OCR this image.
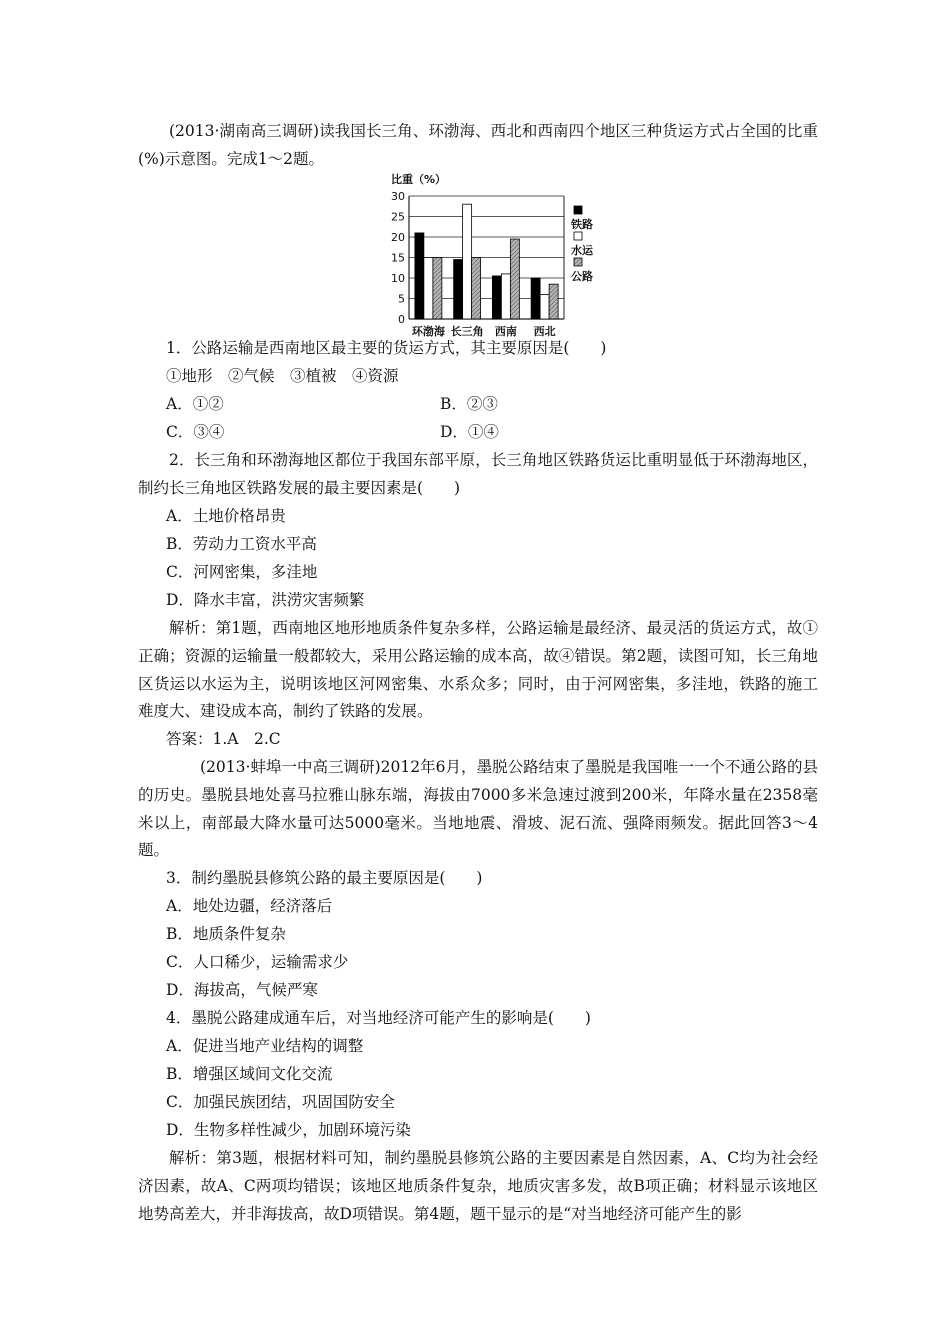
(2013·湖南高三调研)读我国长三角、环渤海、西北和西南四个地区三种货运方式占全国的比重(%)示意图。完成1～2题。

比重（%）
0
5
10
15
20
25
30
环渤海 长三角 西南 西北
铁路
水运
公路
1．公路运输是西南地区最主要的货运方式，其主要原因是(　　)
①地形　②气候　③植被　④资源
A．①②	B．②③
C．③④	D．①④

2．长三角和环渤海地区都位于我国东部平原，长三角地区铁路货运比重明显低于环渤海地区，制约长三角地区铁路发展的最主要因素是(　　)

A．土地价格昂贵
B．劳动力工资水平高
C．河网密集，多洼地
D．降水丰富，洪涝灾害频繁

解析：第1题，西南地区地形地质条件复杂多样，公路运输是最经济、最灵活的货运方式，故①正确；资源的运输量一般都较大，采用公路运输的成本高，故④错误。第2题，读图可知，长三角地区货运以水运为主，说明该地区河网密集、水系众多；同时，由于河网密集，多洼地，铁路的施工难度大、建设成本高，制约了铁路的发展。

答案：1.A　2.C

(2013·蚌埠一中高三调研)2012年6月，墨脱公路结束了墨脱是我国唯一一个不通公路的县的历史。墨脱县地处喜马拉雅山脉东端，海拔由7000多米急速过渡到200米，年降水量在2358毫米以上，南部最大降水量可达5000毫米。当地地震、滑坡、泥石流、强降雨频发。据此回答3～4题。

3．制约墨脱县修筑公路的最主要原因是(　　)
A．地处边疆，经济落后
B．地质条件复杂
C．人口稀少，运输需求少
D．海拔高，气候严寒
4．墨脱公路建成通车后，对当地经济可能产生的影响是(　　)
A．促进当地产业结构的调整
B．增强区域间文化交流
C．加强民族团结，巩固国防安全
D．生物多样性减少，加剧环境污染

解析：第3题，根据材料可知，制约墨脱县修筑公路的主要因素是自然因素，A、C均为社会经济因素，故A、C两项均错误；该地区地质条件复杂，地质灾害多发，故B项正确；材料显示该地区地势高差大，并非海拔高，故D项错误。第4题，题干显示的是“对当地经济可能产生的影
